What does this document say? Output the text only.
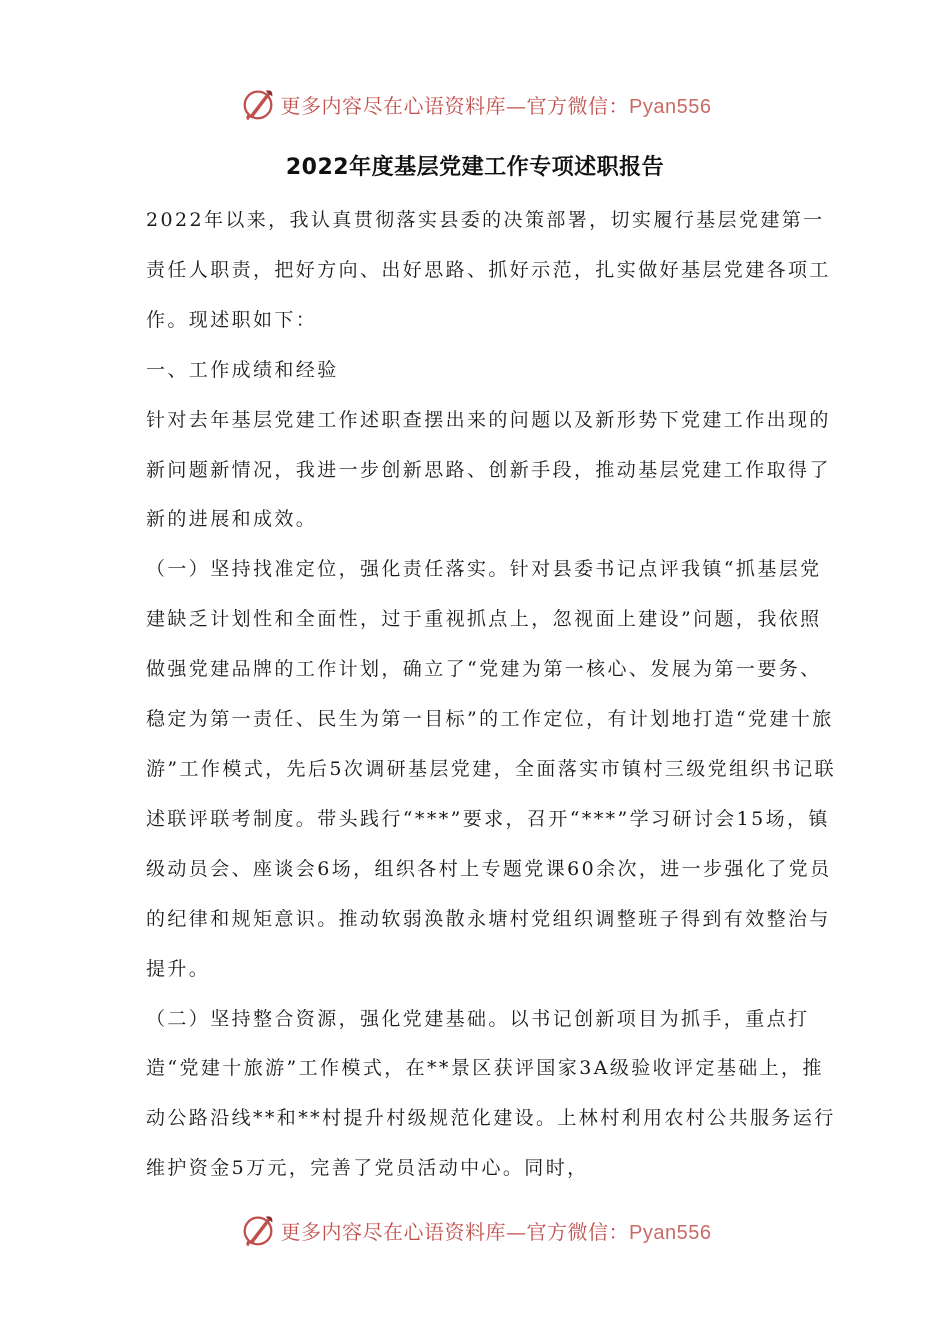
更多内容尽在心语资料库—官方微信：Pyan556
2022年度基层党建工作专项述职报告

2022年以来，我认真贯彻落实县委的决策部署，切实履行基层党建第一责任人职责，把好方向、出好思路、抓好示范，扎实做好基层党建各项工作。现述职如下：

一、工作成绩和经验

针对去年基层党建工作述职查摆出来的问题以及新形势下党建工作出现的新问题新情况，我进一步创新思路、创新手段，推动基层党建工作取得了新的进展和成效。

（一）坚持找准定位，强化责任落实。针对县委书记点评我镇“抓基层党建缺乏计划性和全面性，过于重视抓点上，忽视面上建设”问题，我依照做强党建品牌的工作计划，确立了“党建为第一核心、发展为第一要务、稳定为第一责任、民生为第一目标”的工作定位，有计划地打造“党建十旅游”工作模式，先后5次调研基层党建，全面落实市镇村三级党组织书记联述联评联考制度。带头践行“***”要求，召开“***”学习研讨会15场，镇级动员会、座谈会6场，组织各村上专题党课60余次，进一步强化了党员的纪律和规矩意识。推动软弱涣散永塘村党组织调整班子得到有效整治与提升。

（二）坚持整合资源，强化党建基础。以书记创新项目为抓手，重点打造“党建十旅游”工作模式，在**景区获评国家3A级验收评定基础上，推动公路沿线**和**村提升村级规范化建设。上林村利用农村公共服务运行维护资金5万元，完善了党员活动中心。同时，

更多内容尽在心语资料库—官方微信：Pyan556
